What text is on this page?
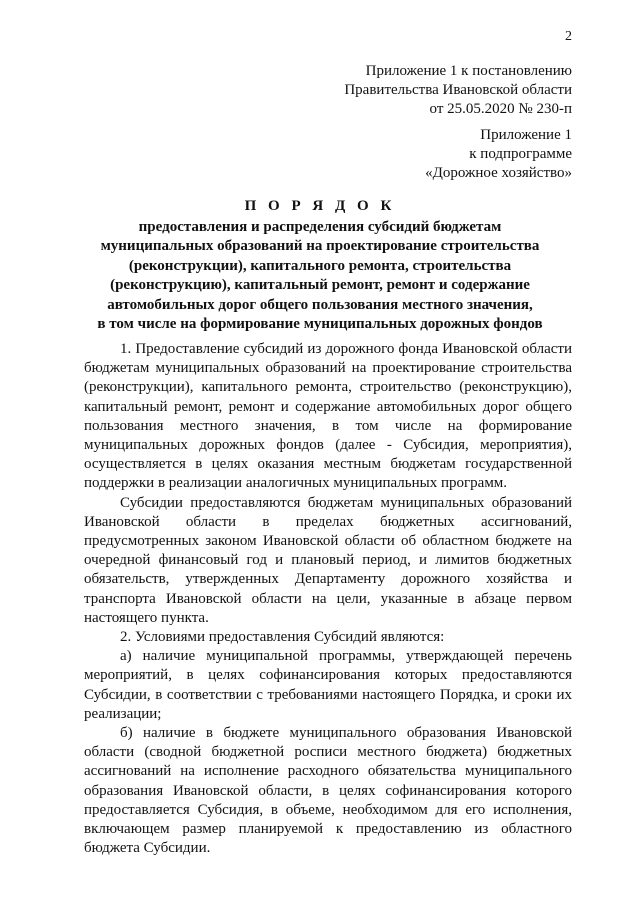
2
Приложение 1 к постановлению
Правительства Ивановской области
от 25.05.2020 № 230-п
Приложение 1
к подпрограмме
«Дорожное хозяйство»
П О Р Я Д О К
предоставления и распределения субсидий бюджетам
муниципальных образований на проектирование строительства
(реконструкции), капитального ремонта, строительства
(реконструкцию), капитальный ремонт, ремонт и содержание
автомобильных дорог общего пользования местного значения,
в том числе на формирование муниципальных дорожных фондов

1. Предоставление субсидий из дорожного фонда Ивановской области бюджетам муниципальных образований на проектирование строительства (реконструкции), капитального ремонта, строительство (реконструкцию), капитальный ремонт, ремонт и содержание автомобильных дорог общего пользования местного значения, в том числе на формирование муниципальных дорожных фондов (далее - Субсидия, мероприятия), осуществляется в целях оказания местным бюджетам государственной поддержки в реализации аналогичных муниципальных программ.

Субсидии предоставляются бюджетам муниципальных образований Ивановской области в пределах бюджетных ассигнований, предусмотренных законом Ивановской области об областном бюджете на очередной финансовый год и плановый период, и лимитов бюджетных обязательств, утвержденных Департаменту дорожного хозяйства и транспорта Ивановской области на цели, указанные в абзаце первом настоящего пункта.

2. Условиями предоставления Субсидий являются:

а) наличие муниципальной программы, утверждающей перечень мероприятий, в целях софинансирования которых предоставляются Субсидии, в соответствии с требованиями настоящего Порядка, и сроки их реализации;

б) наличие в бюджете муниципального образования Ивановской области (сводной бюджетной росписи местного бюджета) бюджетных ассигнований на исполнение расходного обязательства муниципального образования Ивановской области, в целях софинансирования которого предоставляется Субсидия, в объеме, необходимом для его исполнения, включающем размер планируемой к предоставлению из областного бюджета Субсидии.
